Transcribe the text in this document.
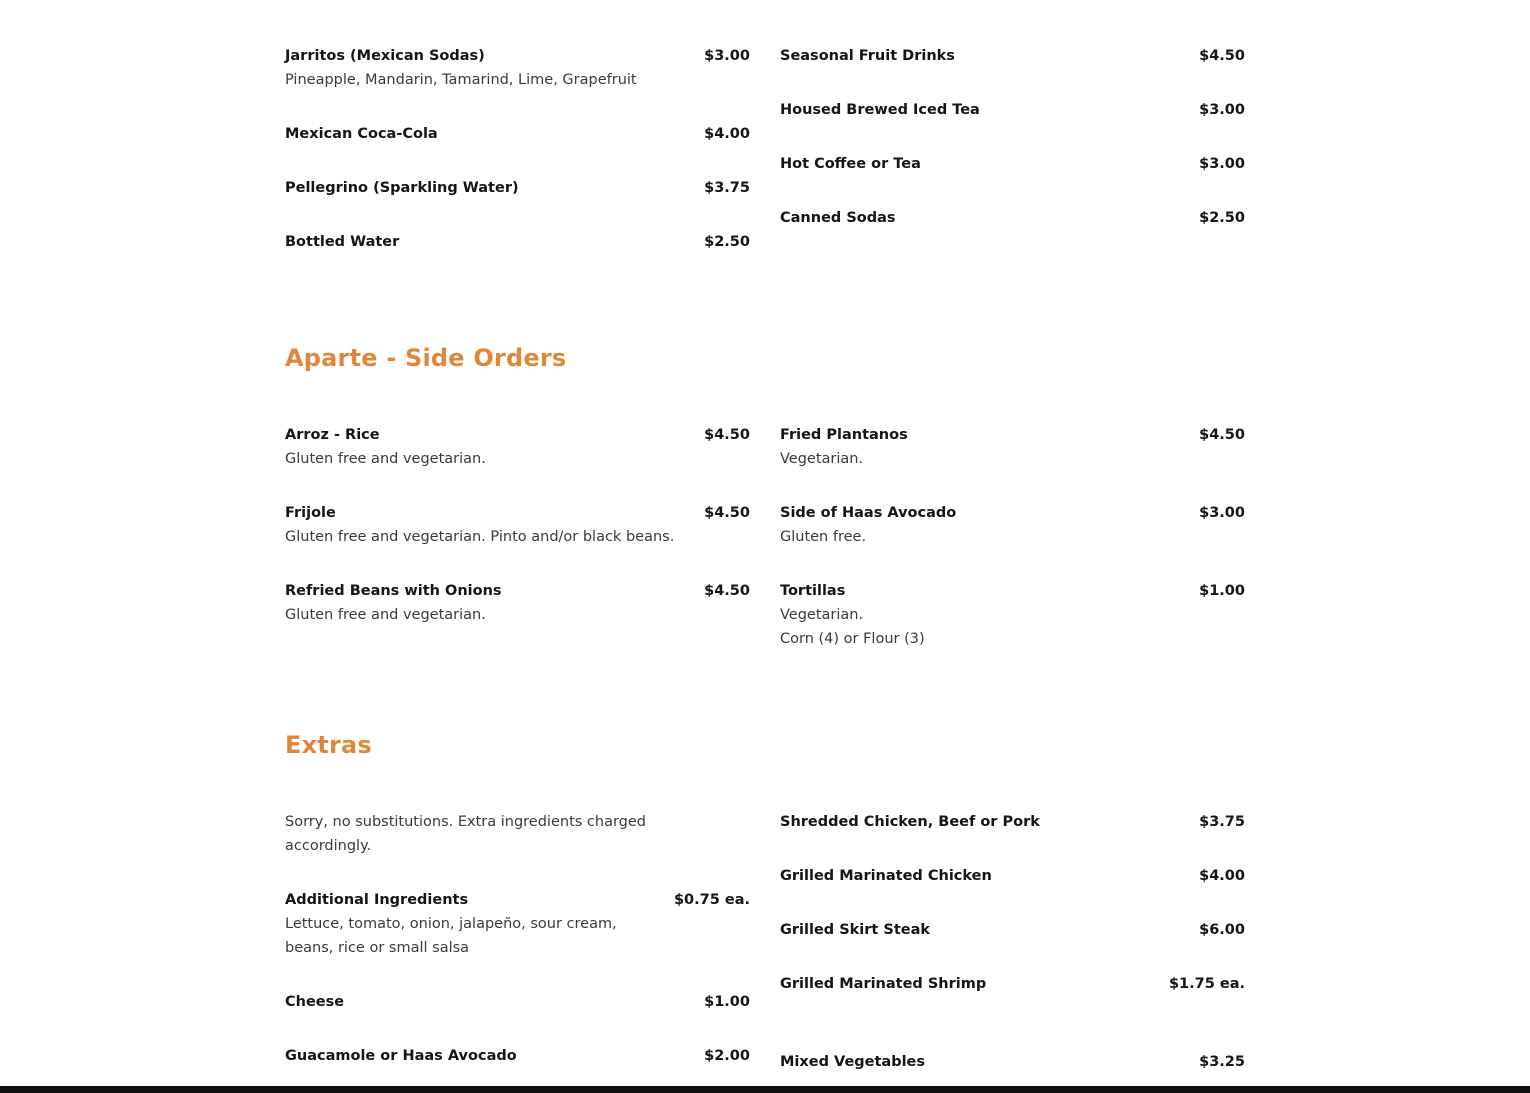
Jarritos (Mexican Sodas)	$3.00
Pineapple, Mandarin, Tamarind, Lime, Grapefruit
Mexican Coca-Cola	$4.00
Pellegrino (Sparkling Water)	$3.75
Bottled Water	$2.50
Seasonal Fruit Drinks	$4.50
Housed Brewed Iced Tea	$3.00
Hot Coffee or Tea	$3.00
Canned Sodas	$2.50
Aparte - Side Orders
Arroz - Rice	$4.50
Gluten free and vegetarian.
Frijole	$4.50
Gluten free and vegetarian. Pinto and/or black beans.
Refried Beans with Onions	$4.50
Gluten free and vegetarian.
Fried Plantanos	$4.50
Vegetarian.
Side of Haas Avocado	$3.00
Gluten free.
Tortillas	$1.00
Vegetarian.
Corn (4) or Flour (3)
Extras
Sorry, no substitutions. Extra ingredients charged accordingly.
Additional Ingredients	$0.75 ea.
Lettuce, tomato, onion, jalapeño, sour cream, beans, rice or small salsa
Cheese	$1.00
Guacamole or Haas Avocado	$2.00
Shredded Chicken, Beef or Pork	$3.75
Grilled Marinated Chicken	$4.00
Grilled Skirt Steak	$6.00
Grilled Marinated Shrimp	$1.75 ea.
Mixed Vegetables	$3.25
